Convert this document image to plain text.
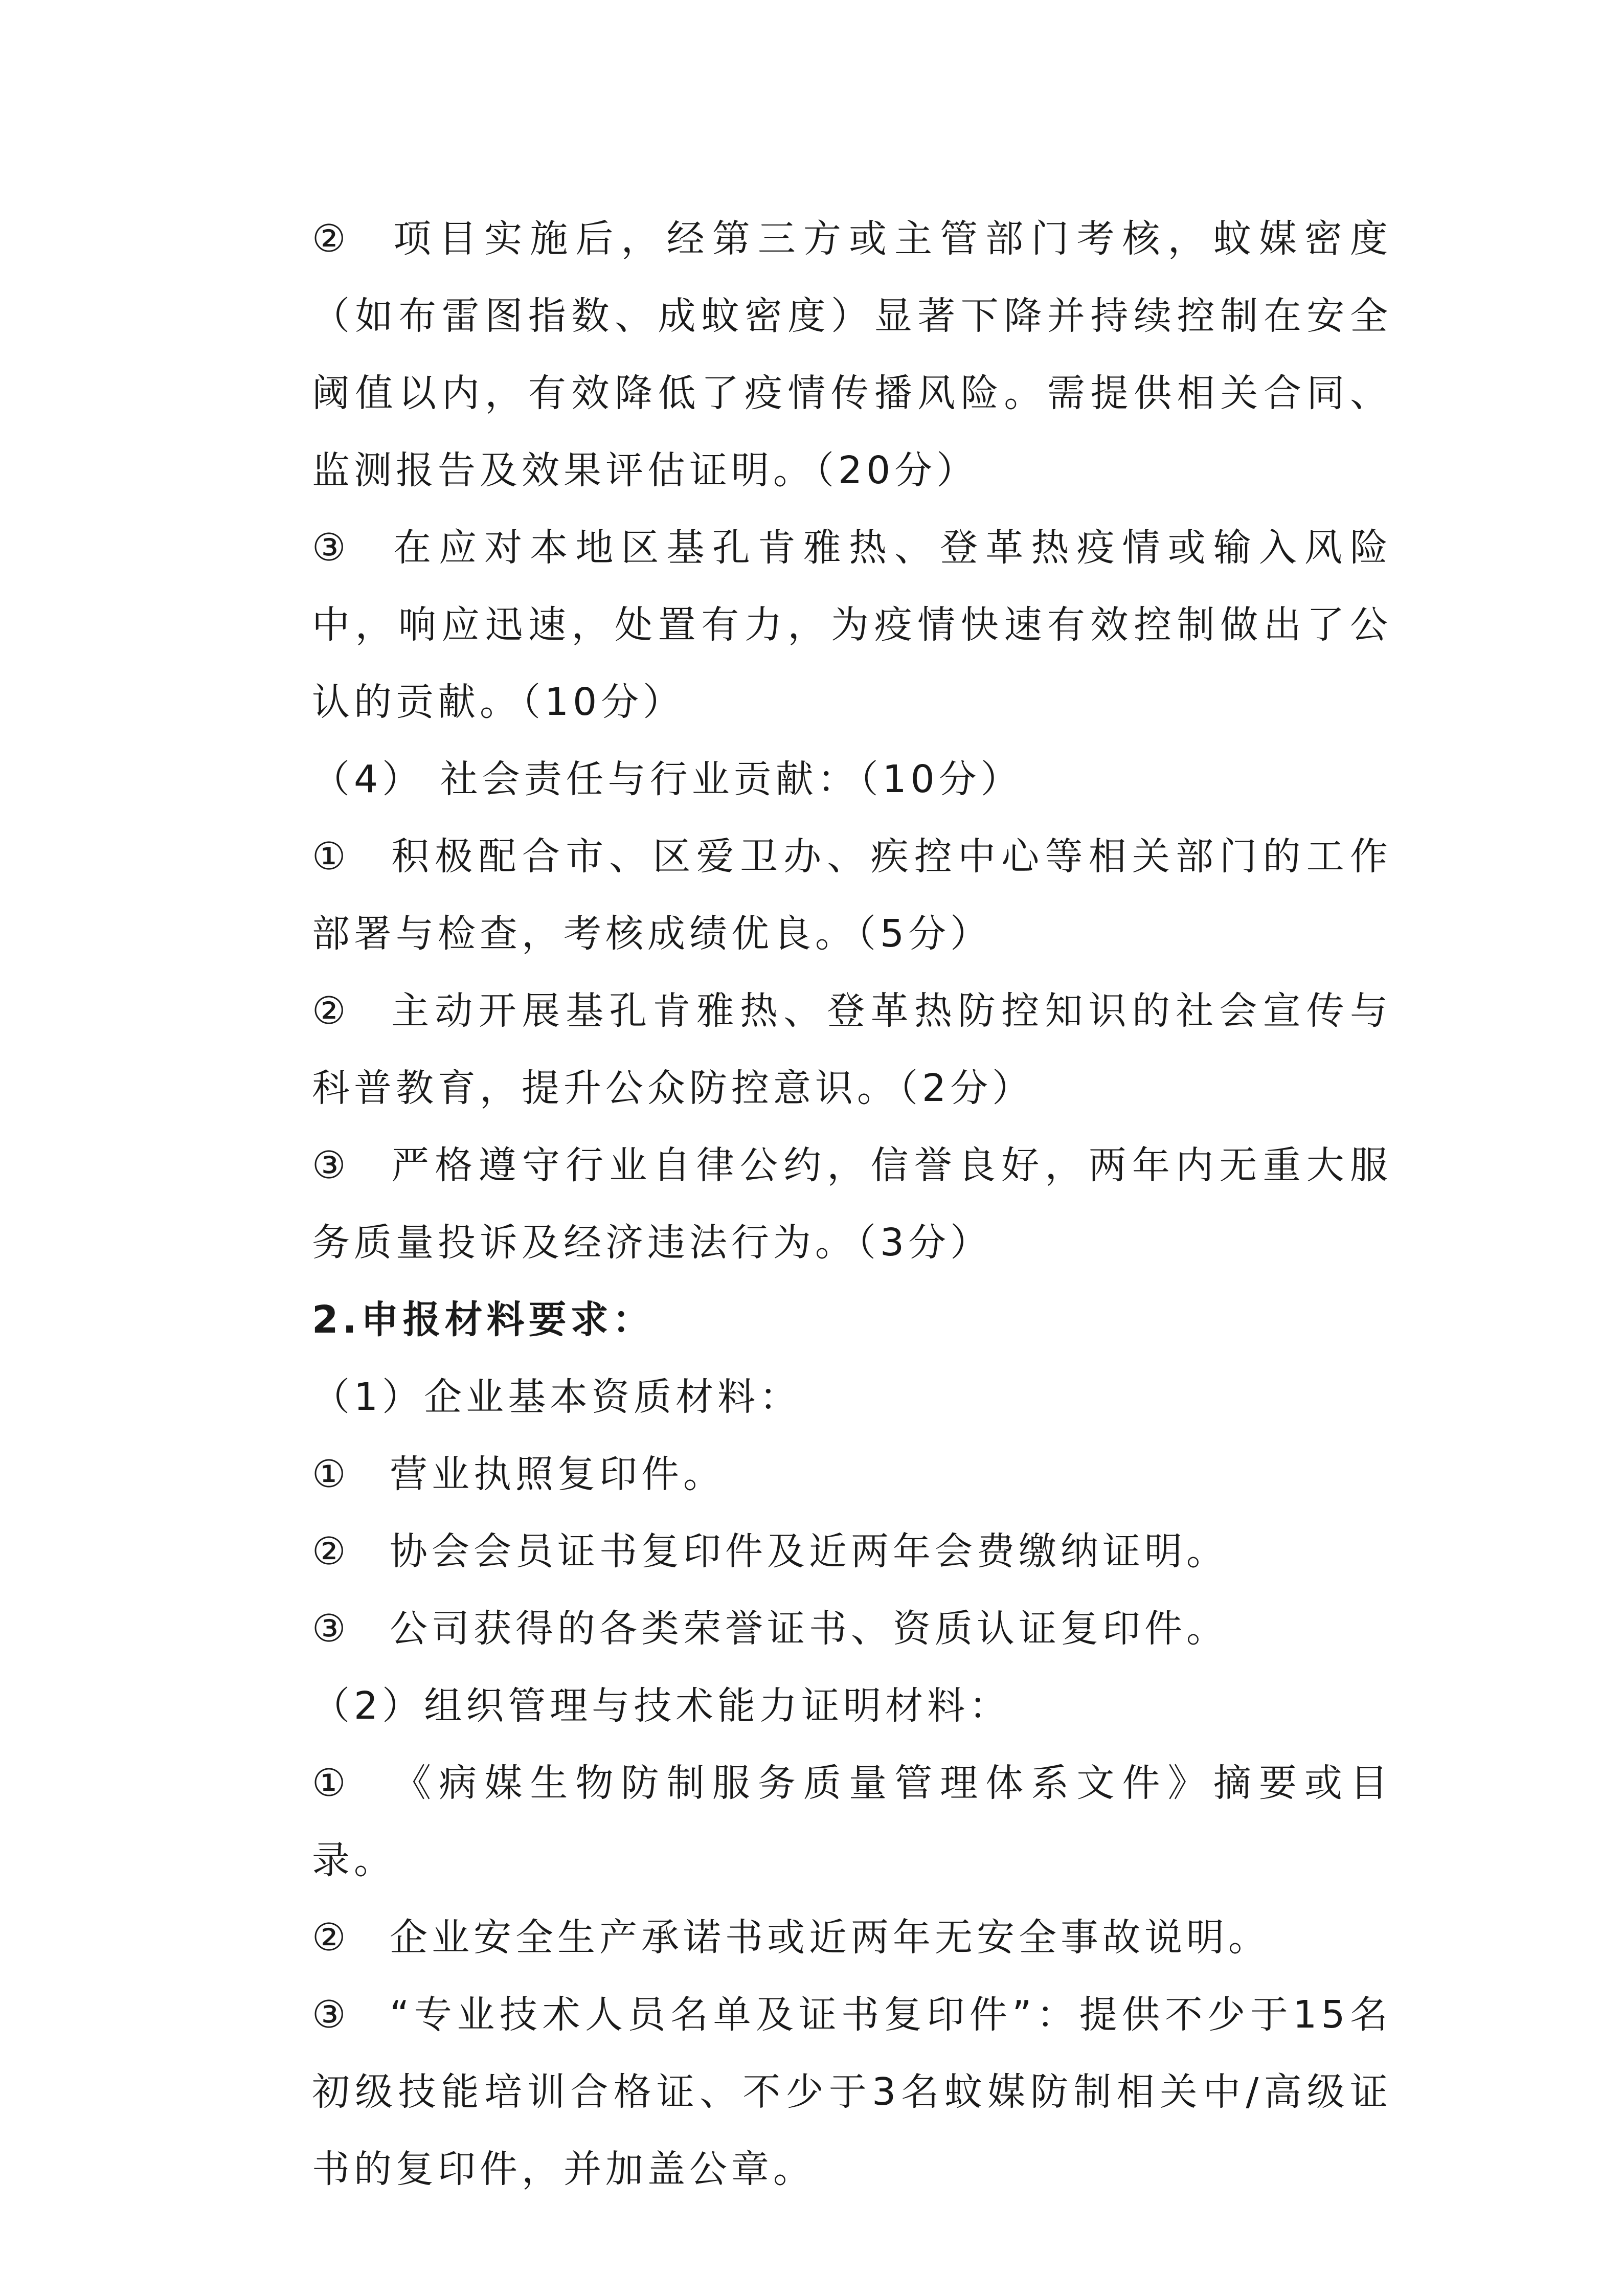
② 项目实施后，经第三方或主管部门考核，蚊媒密度（如布雷图指数、成蚊密度）显著下降并持续控制在安全阈值以内，有效降低了疫情传播风险。需提供相关合同、监测报告及效果评估证明。（20分）

③ 在应对本地区基孔肯雅热、登革热疫情或输入风险中，响应迅速，处置有力，为疫情快速有效控制做出了公认的贡献。（10分）

（4） 社会责任与行业贡献：（10分）

① 积极配合市、区爱卫办、疾控中心等相关部门的工作部署与检查，考核成绩优良。（5分）

② 主动开展基孔肯雅热、登革热防控知识的社会宣传与科普教育，提升公众防控意识。（2分）

③ 严格遵守行业自律公约，信誉良好，两年内无重大服务质量投诉及经济违法行为。（3分）

2.申报材料要求：

（1）企业基本资质材料：

① 营业执照复印件。

② 协会会员证书复印件及近两年会费缴纳证明。

③ 公司获得的各类荣誉证书、资质认证复印件。

（2）组织管理与技术能力证明材料：

① 《病媒生物防制服务质量管理体系文件》摘要或目录。

② 企业安全生产承诺书或近两年无安全事故说明。

③ “专业技术人员名单及证书复印件”：提供不少于15名初级技能培训合格证、不少于3名蚊媒防制相关中/高级证书的复印件，并加盖公章。
